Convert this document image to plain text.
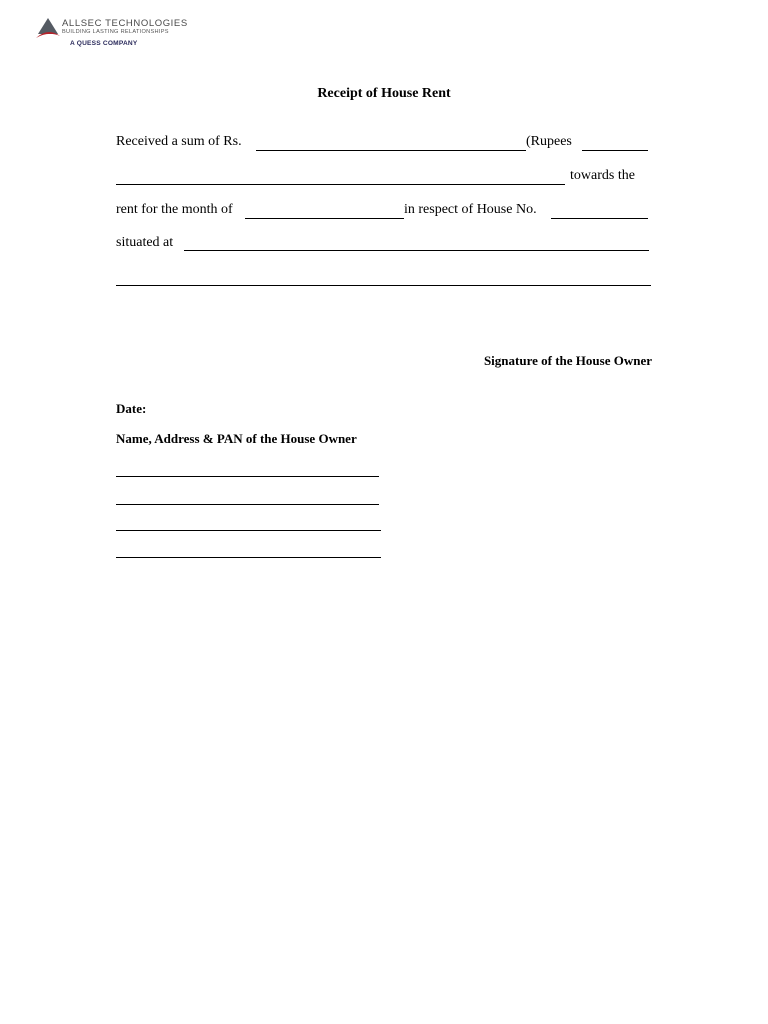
ALLSEC TECHNOLOGIES
BUILDING LASTING RELATIONSHIPS
A QUESS COMPANY
Receipt of House Rent
Received a sum of Rs.	(Rupees
towards the
rent for the month of	in respect of House No.
situated at
Signature of the House Owner
Date:
Name, Address & PAN of the House Owner
